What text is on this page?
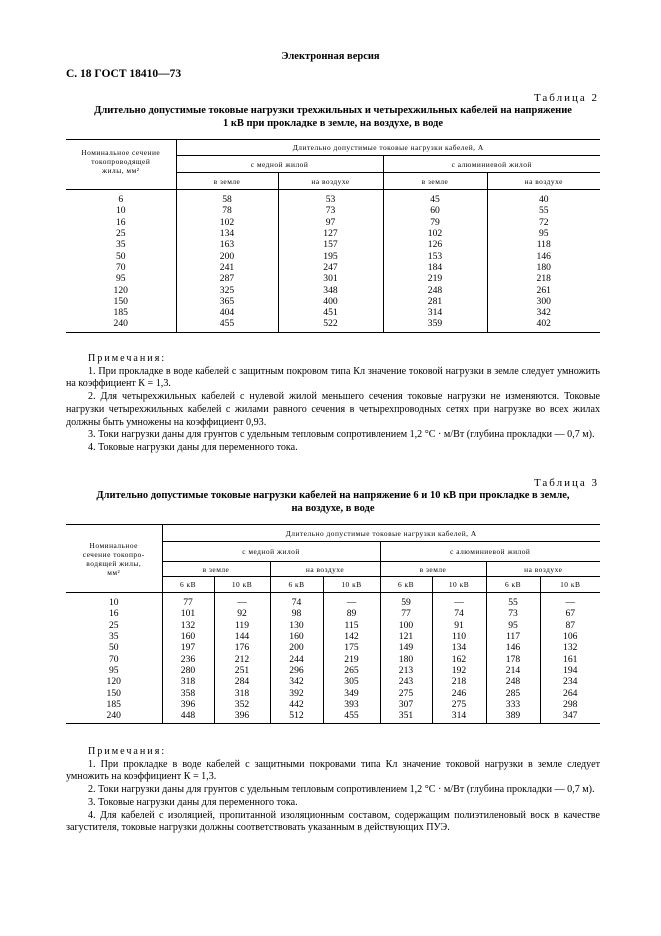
Электронная версия
С. 18 ГОСТ 18410—73
Таблица 2
Длительно допустимые токовые нагрузки трехжильных и четырехжильных кабелей на напряжение
1 кВ при прокладке в земле, на воздухе, в воде
Номинальное сечение
токопроводящей
жилы, мм²	Длительно допустимые токовые нагрузки кабелей, А			
	с медной жилой		с алюминиевой жилой	
	в земле	на воздухе	в земле	на воздухе
6	58	53	45	40
10	78	73	60	55
16	102	97	79	72
25	134	127	102	95
35	163	157	126	118
50	200	195	153	146
70	241	247	184	180
95	287	301	219	218
120	325	348	248	261
150	365	400	281	300
185	404	451	314	342
240	455	522	359	402

Примечания:

1. При прокладке в воде кабелей с защитным покровом типа Кл значение токовой нагрузки в земле следует умножить на коэффициент К = 1,3.

2. Для четырехжильных кабелей с нулевой жилой меньшего сечения токовые нагрузки не изменяются. Токовые нагрузки четырехжильных кабелей с жилами равного сечения в четырехпроводных сетях при нагрузке во всех жилах должны быть умножены на коэффициент 0,93.

3. Токи нагрузки даны для грунтов с удельным тепловым сопротивлением 1,2 °С · м/Вт (глубина прокладки — 0,7 м).

4. Токовые нагрузки даны для переменного тока.

Таблица 3
Длительно допустимые токовые нагрузки кабелей на напряжение 6 и 10 кВ при прокладке в земле,
на воздухе, в воде
Номинальное
сечение токопро-
водящей жилы,
мм²	Длительно допустимые токовые нагрузки кабелей, А							
	с медной жилой				с алюминиевой жилой			
	в земле		на воздухе		в земле		на воздухе	
	6 кВ	10 кВ	6 кВ	10 кВ	6 кВ	10 кВ	6 кВ	10 кВ
10	77	—	74	—	59	—	55	—
16	101	92	98	89	77	74	73	67
25	132	119	130	115	100	91	95	87
35	160	144	160	142	121	110	117	106
50	197	176	200	175	149	134	146	132
70	236	212	244	219	180	162	178	161
95	280	251	296	265	213	192	214	194
120	318	284	342	305	243	218	248	234
150	358	318	392	349	275	246	285	264
185	396	352	442	393	307	275	333	298
240	448	396	512	455	351	314	389	347

Примечания:

1. При прокладке в воде кабелей с защитными покровами типа Кл значение токовой нагрузки в земле следует умножить на коэффициент К = 1,3.

2. Токи нагрузки даны для грунтов с удельным тепловым сопротивлением 1,2 °С · м/Вт (глубина прокладки — 0,7 м).

3. Токовые нагрузки даны для переменного тока.

4. Для кабелей с изоляцией, пропитанной изоляционным составом, содержащим полиэтиленовый воск в качестве загустителя, токовые нагрузки должны соответствовать указанным в действующих ПУЭ.
